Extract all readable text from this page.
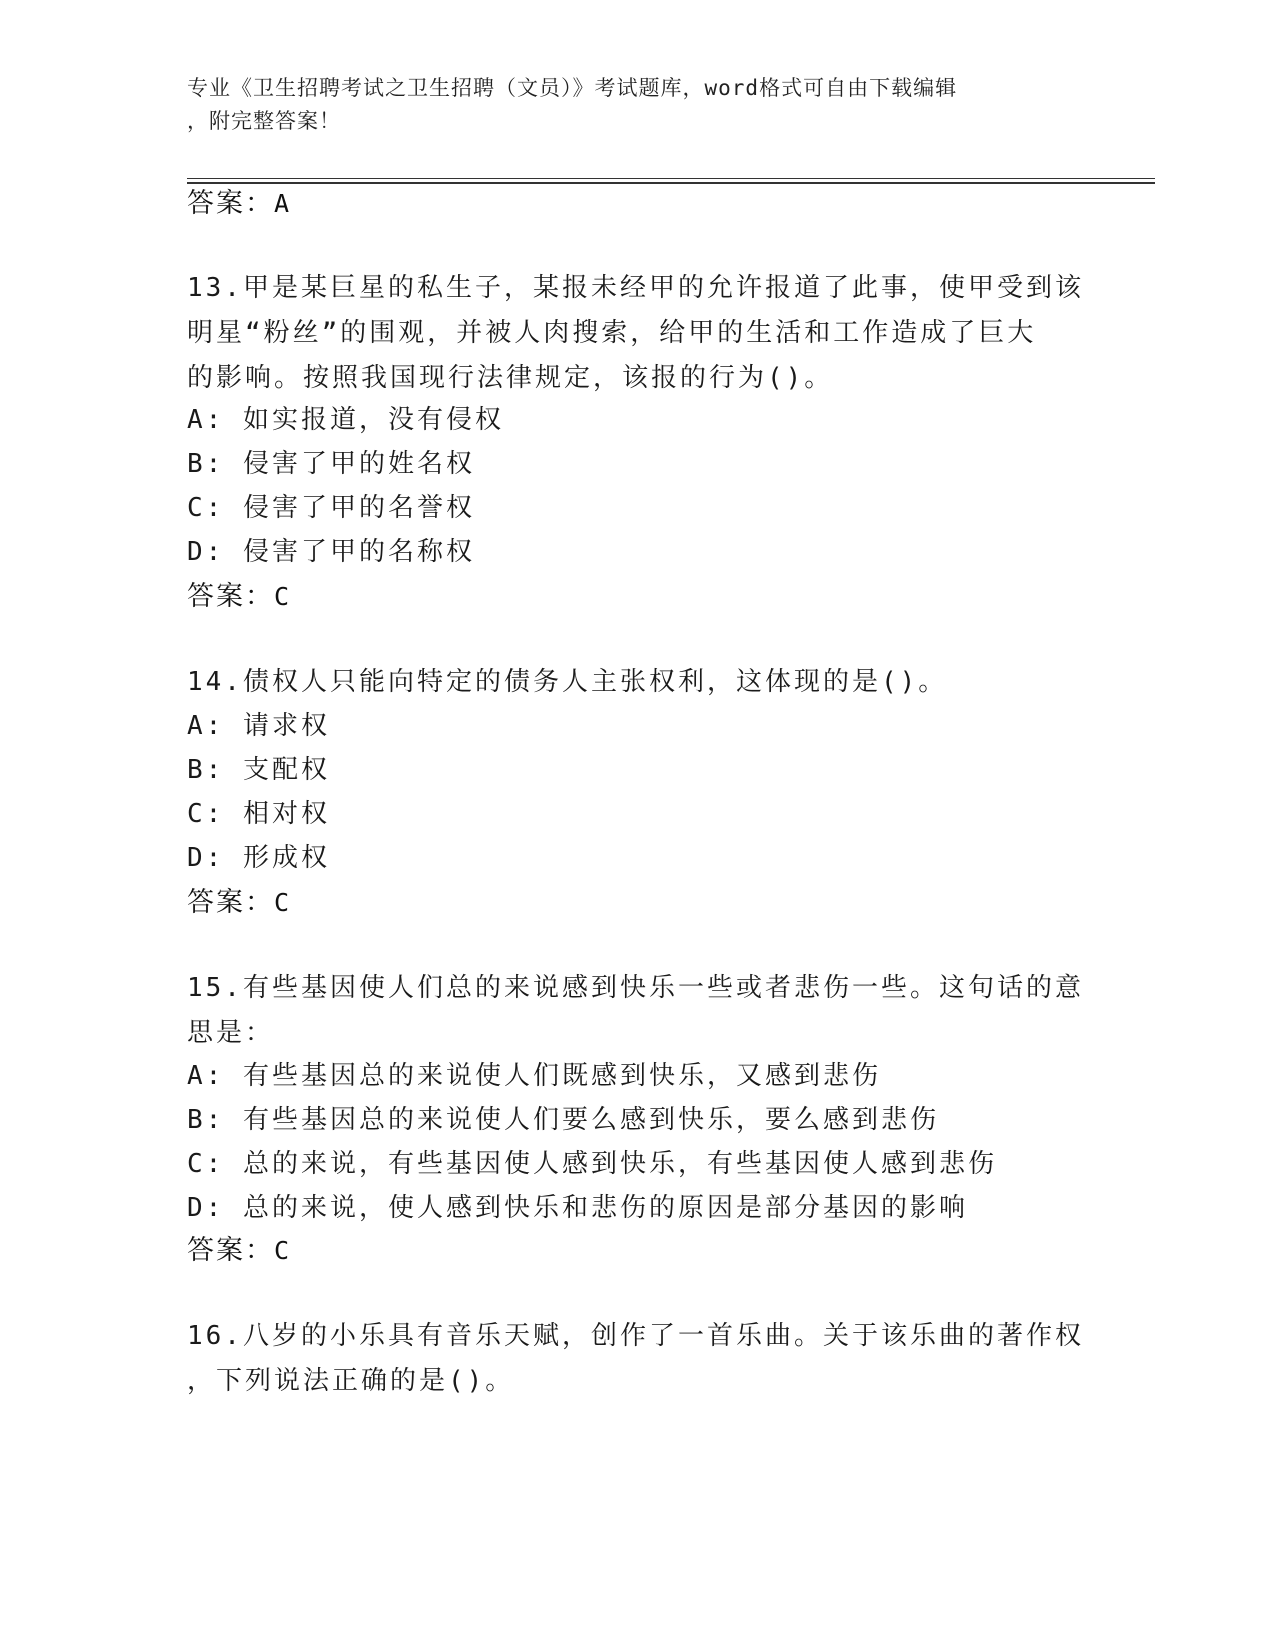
专业《卫生招聘考试之卫生招聘（文员）》考试题库，word格式可自由下载编辑
，附完整答案！
答案：A
13.甲是某巨星的私生子，某报未经甲的允许报道了此事，使甲受到该
明星“粉丝”的围观，并被人肉搜索，给甲的生活和工作造成了巨大
的影响。按照我国现行法律规定，该报的行为()。
A: 如实报道，没有侵权
B: 侵害了甲的姓名权
C: 侵害了甲的名誉权
D: 侵害了甲的名称权
答案：C
14.债权人只能向特定的债务人主张权利，这体现的是()。
A: 请求权
B: 支配权
C: 相对权
D: 形成权
答案：C
15.有些基因使人们总的来说感到快乐一些或者悲伤一些。这句话的意
思是：
A: 有些基因总的来说使人们既感到快乐，又感到悲伤
B: 有些基因总的来说使人们要么感到快乐，要么感到悲伤
C: 总的来说，有些基因使人感到快乐，有些基因使人感到悲伤
D: 总的来说，使人感到快乐和悲伤的原因是部分基因的影响
答案：C
16.八岁的小乐具有音乐天赋，创作了一首乐曲。关于该乐曲的著作权
，下列说法正确的是()。
